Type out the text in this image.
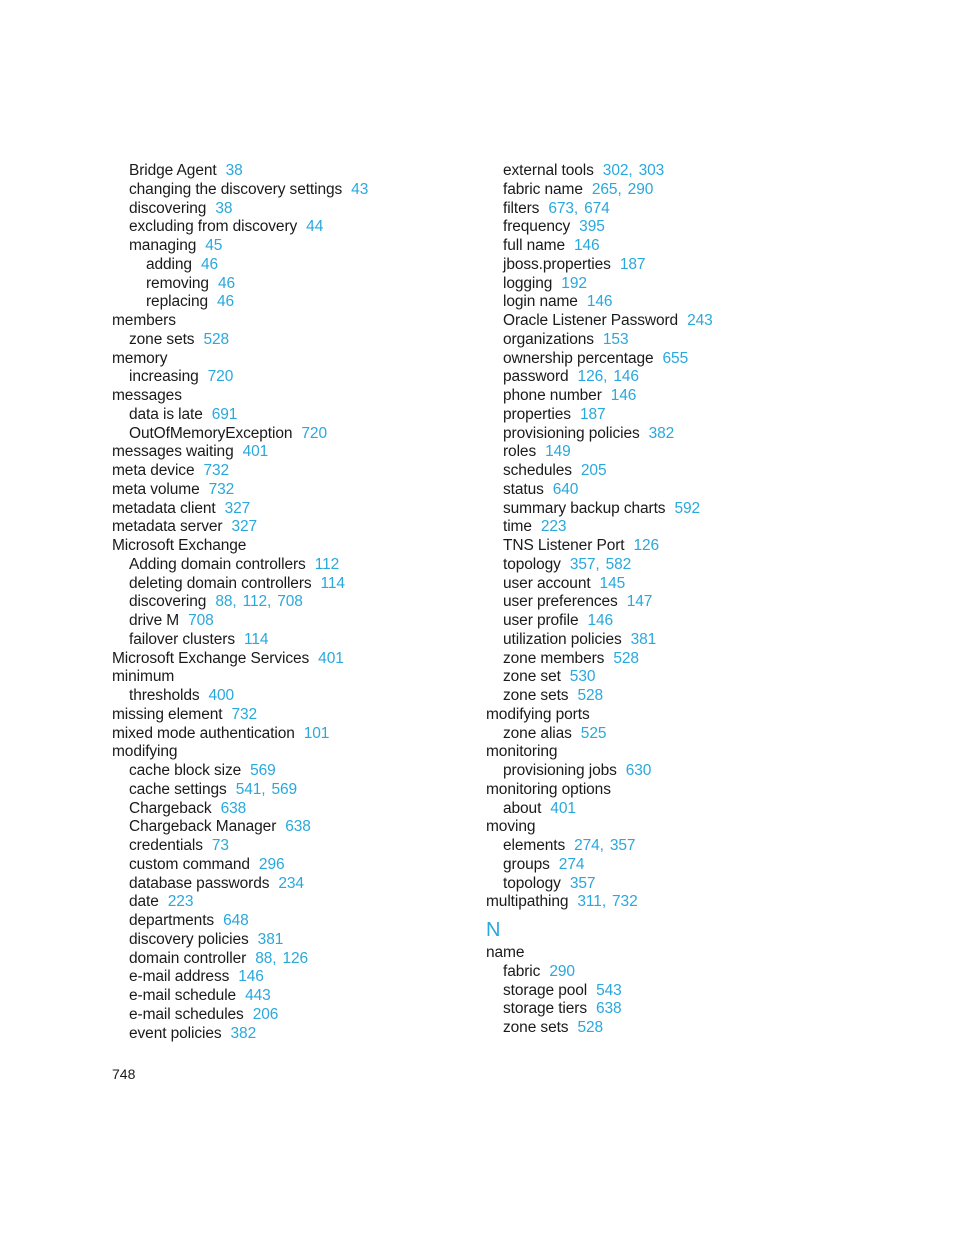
Bridge Agent 38
changing the discovery settings 43
discovering 38
excluding from discovery 44
managing 45
adding 46
removing 46
replacing 46
members
zone sets 528
memory
increasing 720
messages
data is late 691
OutOfMemoryException 720
messages waiting 401
meta device 732
meta volume 732
metadata client 327
metadata server 327
Microsoft Exchange
Adding domain controllers 112
deleting domain controllers 114
discovering 88, 112, 708
drive M 708
failover clusters 114
Microsoft Exchange Services 401
minimum
thresholds 400
missing element 732
mixed mode authentication 101
modifying
cache block size 569
cache settings 541, 569
Chargeback 638
Chargeback Manager 638
credentials 73
custom command 296
database passwords 234
date 223
departments 648
discovery policies 381
domain controller 88, 126
e-mail address 146
e-mail schedule 443
e-mail schedules 206
event policies 382
external tools 302, 303
fabric name 265, 290
filters 673, 674
frequency 395
full name 146
jboss.properties 187
logging 192
login name 146
Oracle Listener Password 243
organizations 153
ownership percentage 655
password 126, 146
phone number 146
properties 187
provisioning policies 382
roles 149
schedules 205
status 640
summary backup charts 592
time 223
TNS Listener Port 126
topology 357, 582
user account 145
user preferences 147
user profile 146
utilization policies 381
zone members 528
zone set 530
zone sets 528
modifying ports
zone alias 525
monitoring
provisioning jobs 630
monitoring options
about 401
moving
elements 274, 357
groups 274
topology 357
multipathing 311, 732
N
name
fabric 290
storage pool 543
storage tiers 638
zone sets 528
748
